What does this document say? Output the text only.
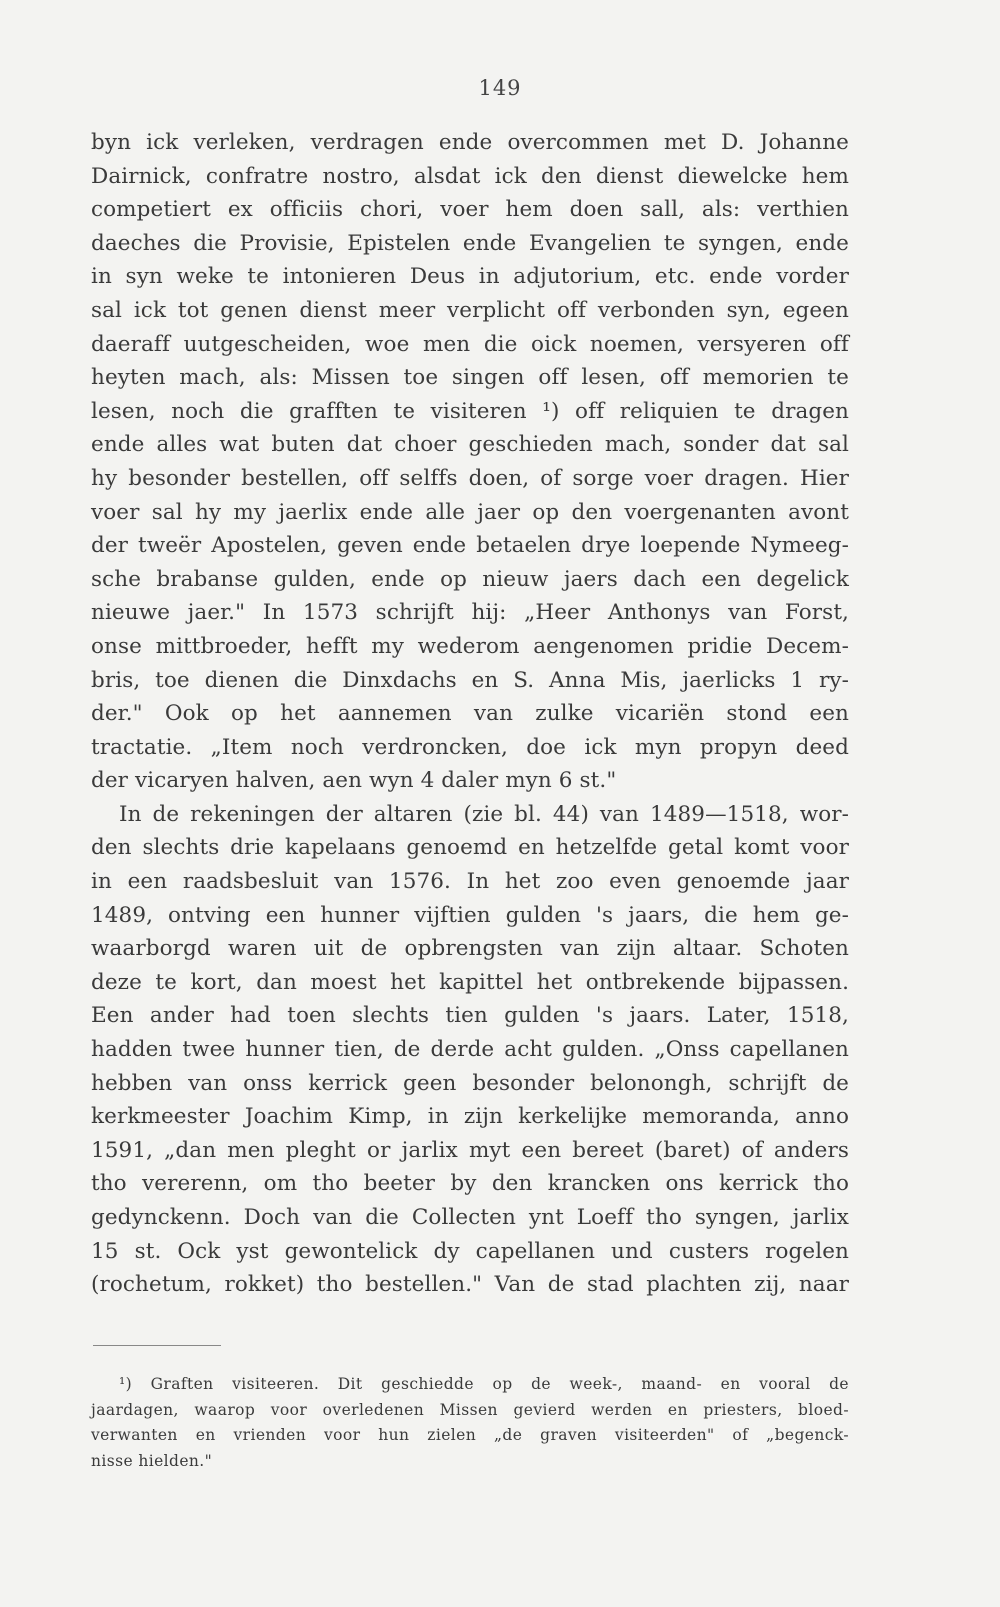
149
byn ick verleken, verdragen ende overcommen met D. Johanne
Dairnick, confratre nostro, alsdat ick den dienst diewelcke hem
competiert ex officiis chori, voer hem doen sall, als: verthien
daeches die Provisie, Epistelen ende Evangelien te syngen, ende
in syn weke te intonieren Deus in adjutorium, etc. ende vorder
sal ick tot genen dienst meer verplicht off verbonden syn, egeen
daeraff uutgescheiden, woe men die oick noemen, versyeren off
heyten mach, als: Missen toe singen off lesen, off memorien te
lesen, noch die grafften te visiteren ¹) off reliquien te dragen
ende alles wat buten dat choer geschieden mach, sonder dat sal
hy besonder bestellen, off selffs doen, of sorge voer dragen. Hier
voer sal hy my jaerlix ende alle jaer op den voergenanten avont
der tweër Apostelen, geven ende betaelen drye loepende Nymeeg-
sche brabanse gulden, ende op nieuw jaers dach een degelick
nieuwe jaer." In 1573 schrijft hij: „Heer Anthonys van Forst,
onse mittbroeder, hefft my wederom aengenomen pridie Decem-
bris, toe dienen die Dinxdachs en S. Anna Mis, jaerlicks 1 ry-
der." Ook op het aannemen van zulke vicariën stond een
tractatie. „Item noch verdroncken, doe ick myn propyn deed
der vicaryen halven, aen wyn 4 daler myn 6 st."
In de rekeningen der altaren (zie bl. 44) van 1489—1518, wor-
den slechts drie kapelaans genoemd en hetzelfde getal komt voor
in een raadsbesluit van 1576. In het zoo even genoemde jaar
1489, ontving een hunner vijftien gulden 's jaars, die hem ge-
waarborgd waren uit de opbrengsten van zijn altaar. Schoten
deze te kort, dan moest het kapittel het ontbrekende bijpassen.
Een ander had toen slechts tien gulden 's jaars. Later, 1518,
hadden twee hunner tien, de derde acht gulden. „Onss capellanen
hebben van onss kerrick geen besonder belonongh, schrijft de
kerkmeester Joachim Kimp, in zijn kerkelijke memoranda, anno
1591, „dan men pleght or jarlix myt een bereet (baret) of anders
tho vererenn, om tho beeter by den krancken ons kerrick tho
gedynckenn. Doch van die Collecten ynt Loeff tho syngen, jarlix
15 st. Ock yst gewontelick dy capellanen und custers rogelen
(rochetum, rokket) tho bestellen." Van de stad plachten zij, naar
¹) Graften visiteeren. Dit geschiedde op de week-, maand- en vooral de
jaardagen, waarop voor overledenen Missen gevierd werden en priesters, bloed-
verwanten en vrienden voor hun zielen „de graven visiteerden" of „begenck-
nisse hielden."
